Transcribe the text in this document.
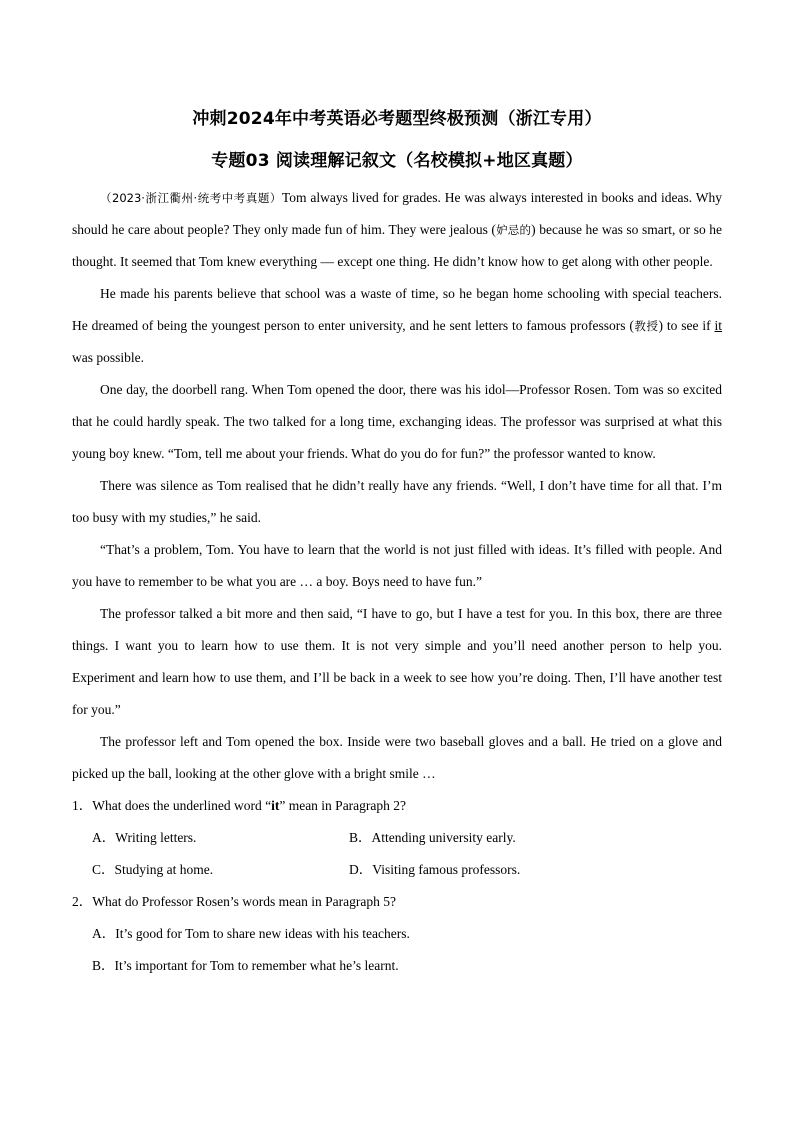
冲刺2024年中考英语必考题型终极预测（浙江专用）
专题03 阅读理解记叙文（名校模拟+地区真题）

（2023·浙江衢州·统考中考真题）Tom always lived for grades. He was always interested in books and ideas. Why should he care about people? They only made fun of him. They were jealous (妒忌的) because he was so smart, or so he thought. It seemed that Tom knew everything — except one thing. He didn’t know how to get along with other people.

He made his parents believe that school was a waste of time, so he began home schooling with special teachers. He dreamed of being the youngest person to enter university, and he sent letters to famous professors (教授) to see if it was possible.

One day, the doorbell rang. When Tom opened the door, there was his idol—Professor Rosen. Tom was so excited that he could hardly speak. The two talked for a long time, exchanging ideas. The professor was surprised at what this young boy knew. “Tom, tell me about your friends. What do you do for fun?” the professor wanted to know.

There was silence as Tom realised that he didn’t really have any friends. “Well, I don’t have time for all that. I’m too busy with my studies,” he said.

“That’s a problem, Tom. You have to learn that the world is not just filled with ideas. It’s filled with people. And you have to remember to be what you are … a boy. Boys need to have fun.”

The professor talked a bit more and then said, “I have to go, but I have a test for you. In this box, there are three things. I want you to learn how to use them. It is not very simple and you’ll need another person to help you. Experiment and learn how to use them, and I’ll be back in a week to see how you’re doing. Then, I’ll have another test for you.”

The professor left and Tom opened the box. Inside were two baseball gloves and a ball. He tried on a glove and picked up the ball, looking at the other glove with a bright smile …

1．What does the underlined word “it” mean in Paragraph 2?
A．Writing letters.	B．Attending university early.
C．Studying at home.	D．Visiting famous professors.
2．What do Professor Rosen’s words mean in Paragraph 5?
A．It’s good for Tom to share new ideas with his teachers.
B．It’s important for Tom to remember what he’s learnt.
